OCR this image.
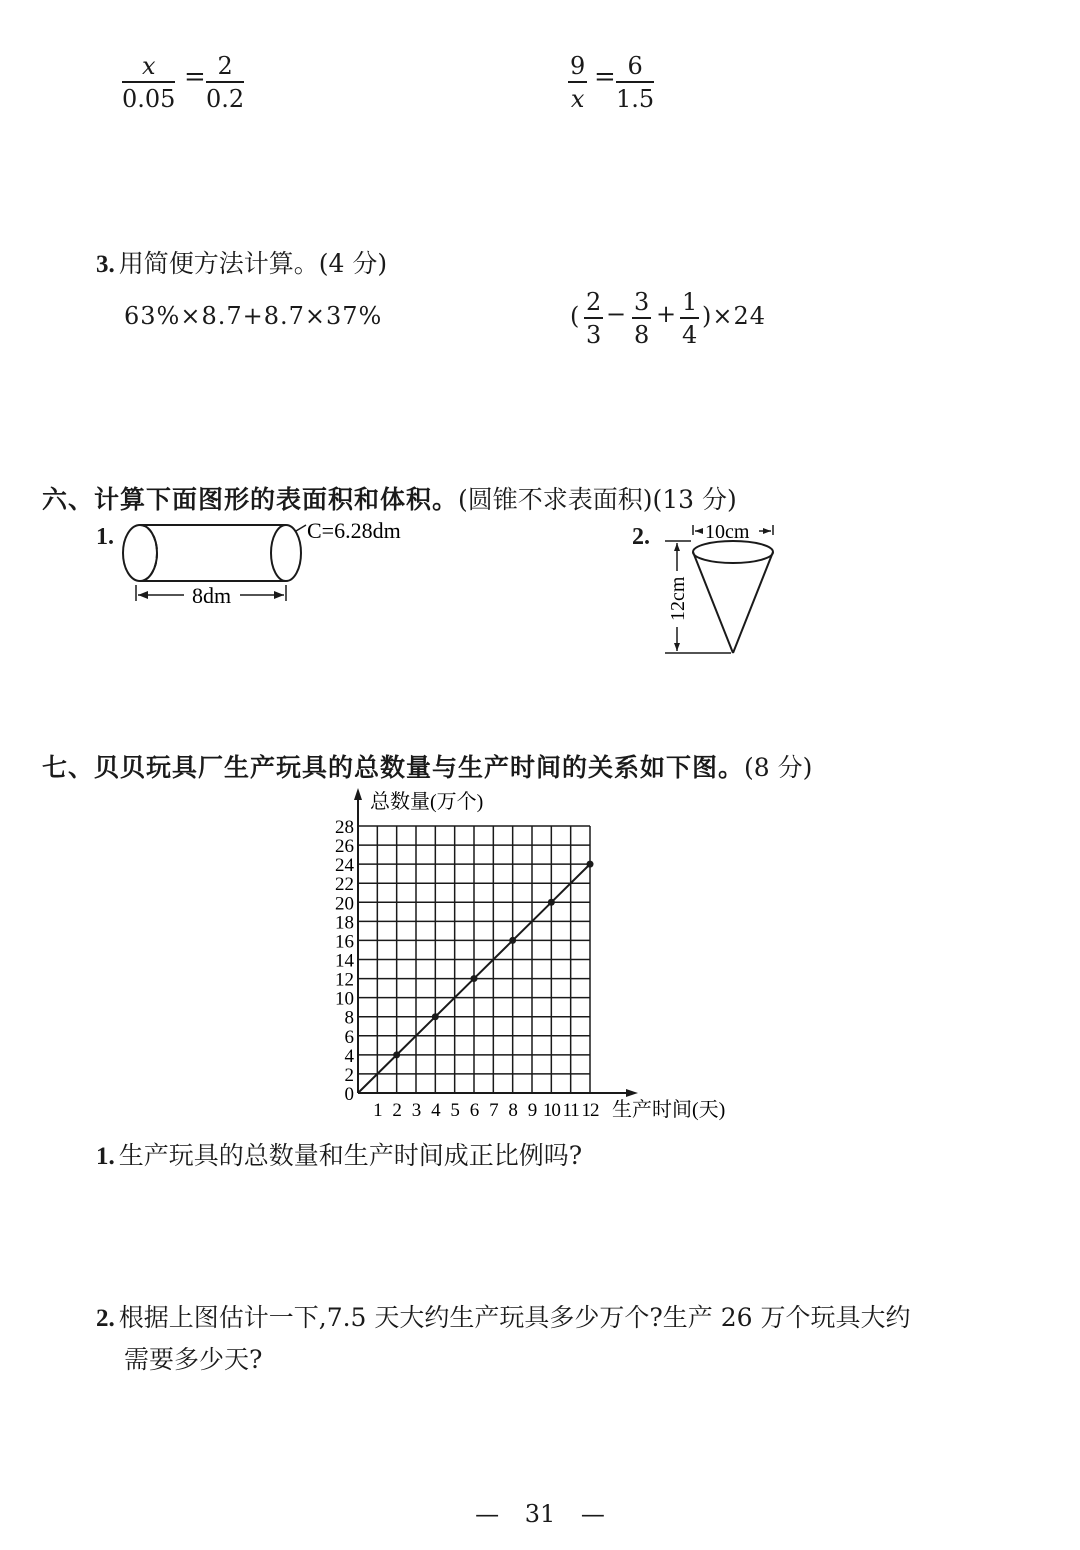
$\frac{x}{0.05} = \frac{2}{0.2}$	$\frac{9}{x} = \frac{6}{1.5}$
3. 用简便方法计算。(4 分)
63%×8.7+8.7×37%	( $\frac{2}{3} - \frac{3}{8} + \frac{1}{4} )\times 24$
六、计算下面图形的表面积和体积。(圆锥不求表面积)(13 分)
1.	C=6.28dm
8dm
2.	10cm
12cm
七、贝贝玩具厂生产玩具的总数量与生产时间的关系如下图。(8 分)
0
2
4
6
8
10
12
14
16
18
20
22
24
26
28
1 2 3 4 5 6 7 8 9 10 11 12
总数量(万个)
生产时间(天)
1. 生产玩具的总数量和生产时间成正比例吗?
2. 根据上图估计一下,7.5 天大约生产玩具多少万个?生产 26 万个玩具大约
需要多少天?
— 31 —
